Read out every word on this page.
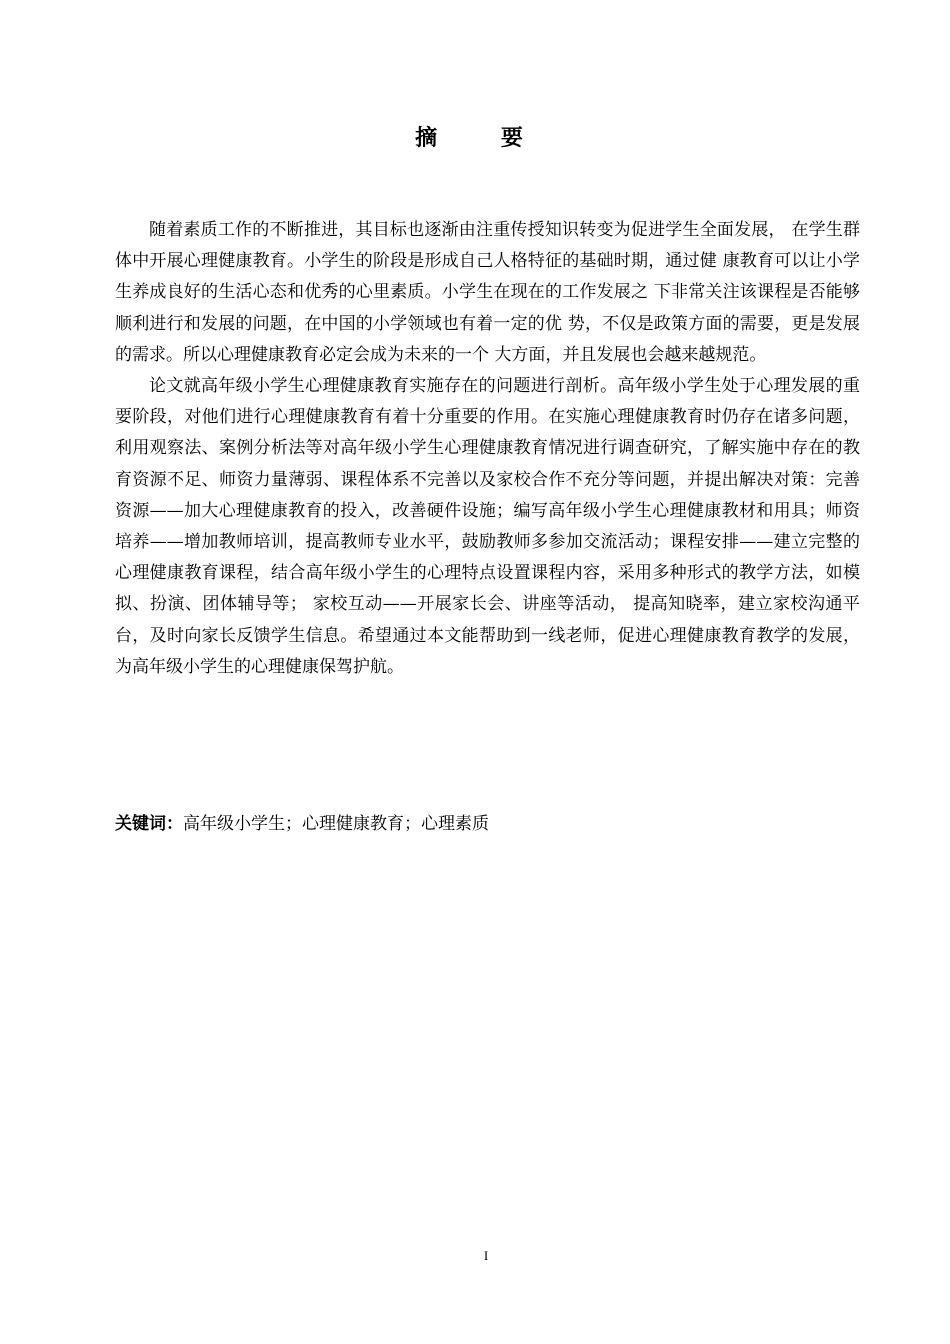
摘 要

随着素质工作的不断推进，其目标也逐渐由注重传授知识转变为促进学生全面发展， 在学生群体中开展心理健康教育。小学生的阶段是形成自己人格特征的基础时期，通过健 康教育可以让小学生养成良好的生活心态和优秀的心里素质。小学生在现在的工作发展之 下非常关注该课程是否能够顺利进行和发展的问题，在中国的小学领域也有着一定的优 势，不仅是政策方面的需要，更是发展的需求。所以心理健康教育必定会成为未来的一个 大方面，并且发展也会越来越规范。

论文就高年级小学生心理健康教育实施存在的问题进行剖析。高年级小学生处于心理发展的重要阶段，对他们进行心理健康教育有着十分重要的作用。在实施心理健康教育时仍存在诸多问题，利用观察法、案例分析法等对高年级小学生心理健康教育情况进行调查研究，了解实施中存在的教育资源不足、师资力量薄弱、课程体系不完善以及家校合作不充分等问题，并提出解决对策：完善资源——加大心理健康教育的投入，改善硬件设施；编写高年级小学生心理健康教材和用具；师资培养——增加教师培训，提高教师专业水平，鼓励教师多参加交流活动；课程安排——建立完整的心理健康教育课程，结合高年级小学生的心理特点设置课程内容，采用多种形式的教学方法，如模拟、扮演、团体辅导等； 家校互动——开展家长会、讲座等活动， 提高知晓率，建立家校沟通平台，及时向家长反馈学生信息。希望通过本文能帮助到一线老师，促进心理健康教育教学的发展，为高年级小学生的心理健康保驾护航。

关键词：高年级小学生；心理健康教育；心理素质
I
